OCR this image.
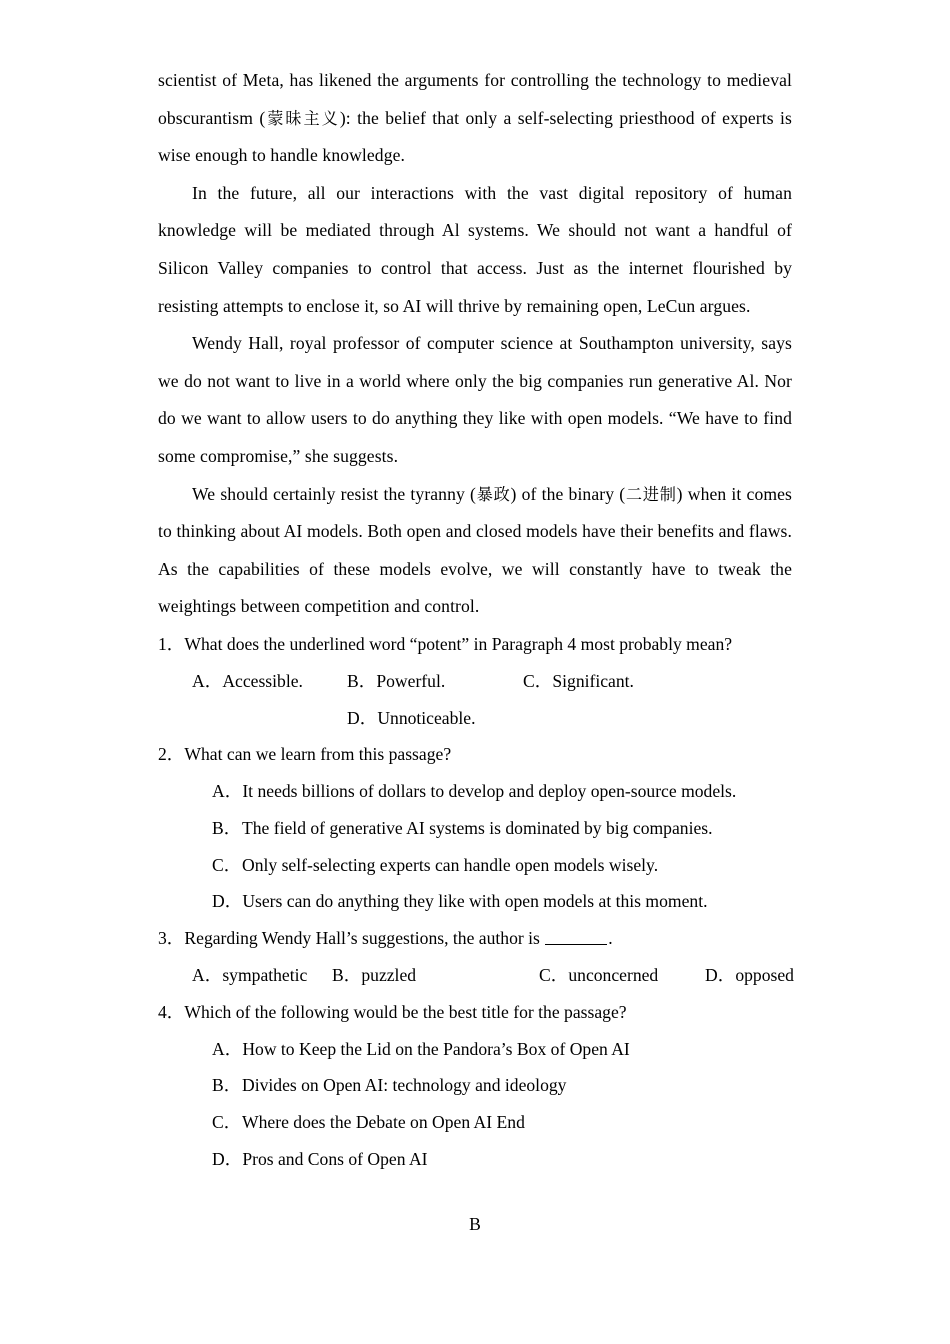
scientist of Meta, has likened the arguments for controlling the technology to medieval obscurantism (蒙昧主义): the belief that only a self-selecting priesthood of experts is wise enough to handle knowledge.

In the future, all our interactions with the vast digital repository of human knowledge will be mediated through Al systems. We should not want a handful of Silicon Valley companies to control that access. Just as the internet flourished by resisting attempts to enclose it, so AI will thrive by remaining open, LeCun argues.

Wendy Hall, royal professor of computer science at Southampton university, says we do not want to live in a world where only the big companies run generative Al. Nor do we want to allow users to do anything they like with open models. “We have to find some compromise,” she suggests.

We should certainly resist the tyranny (暴政) of the binary (二进制) when it comes to thinking about AI models. Both open and closed models have their benefits and flaws. As the capabilities of these models evolve, we will constantly have to tweak the weightings between competition and control.

1．What does the underlined word “potent” in Paragraph 4 most probably mean?

A．Accessible.	B．Powerful.	C．Significant.

D．Unnoticeable.

2．What can we learn from this passage?

A．It needs billions of dollars to develop and deploy open-source models.

B．The field of generative AI systems is dominated by big companies.

C．Only self-selecting experts can handle open models wisely.

D．Users can do anything they like with open models at this moment.

3．Regarding Wendy Hall’s suggestions, the author is	.

A．sympathetic B．puzzled	C．unconcerned	D．opposed

4．Which of the following would be the best title for the passage?

A．How to Keep the Lid on the Pandora’s Box of Open AI

B．Divides on Open AI: technology and ideology

C．Where does the Debate on Open AI End

D．Pros and Cons of Open AI

B
